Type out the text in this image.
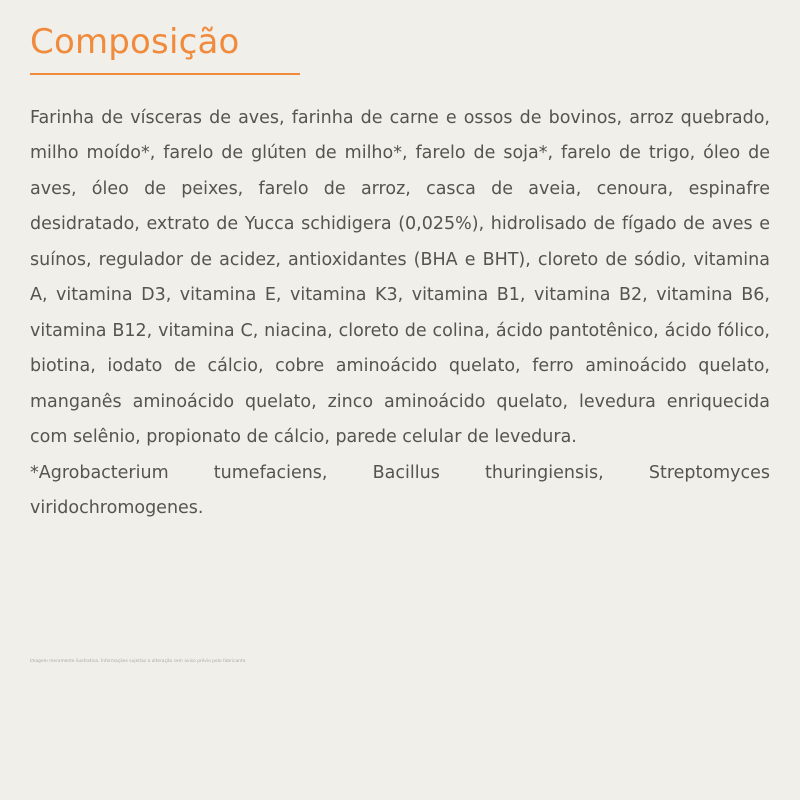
Composição

Farinha de vísceras de aves, farinha de carne e ossos de bovinos, arroz quebrado, milho moído*, farelo de glúten de milho*, farelo de soja*, farelo de trigo, óleo de aves, óleo de peixes, farelo de arroz, casca de aveia, cenoura, espinafre desidratado, extrato de Yucca schidigera (0,025%), hidrolisado de fígado de aves e suínos, regulador de acidez, antioxidantes (BHA e BHT), cloreto de sódio, vitamina A, vitamina D3, vitamina E, vitamina K3, vitamina B1, vitamina B2, vitamina B6, vitamina B12, vitamina C, niacina, cloreto de colina, ácido pantotênico, ácido fólico, biotina, iodato de cálcio, cobre aminoácido quelato, ferro aminoácido quelato, manganês aminoácido quelato, zinco aminoácido quelato, levedura enriquecida com selênio, propionato de cálcio, parede celular de levedura.

*Agrobacterium tumefaciens, Bacillus thuringiensis, Streptomyces viridochromogenes.

Imagem meramente ilustrativa. Informações sujeitas a alteração sem aviso prévio pelo fabricante.
